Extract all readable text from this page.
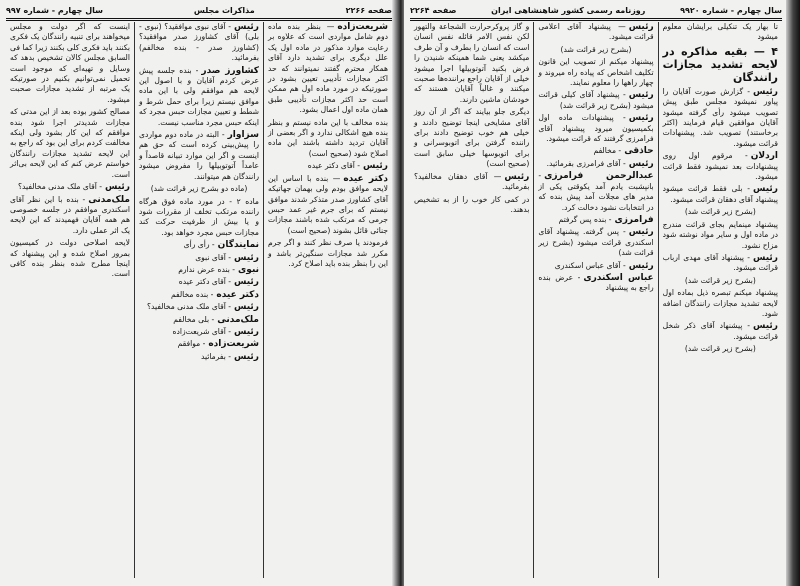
صفحه ۲۲۶۶
مذاکرات مجلس
سال چهارم - شماره ۹۹۷

شریعت‌زاده— بنظر بنده ماده دوم شامل مواردی است که علاوه بر رعایت موارد مذکور در ماده اول یک علل دیگری برای تشدید دارد آقای همکار محترم گفتند نمیتوانند که حد اکثر مجازات تأدیبی تعیین بشود در صورتیکه در مورد ماده اول هم ممکن است حد اکثر مجازات تأدیبی طبق همان ماده اول اعمال بشود.

بنده مخالف با این ماده نیستم و بنظر بنده هیچ اشکالی ندارد و اگر بعضی از آقایان تردید داشته باشند این ماده اصلاح شود (صحیح است)

رئیس- آقای دکتر عیده

دکتر عیده— بنده با اساس این لایحه موافق بودم ولی بهمان جهاتیکه آقای کشاورز صدر متذکر شدند موافق نیستم که برای جرم غیر عمد حبس جرمی که مرتکب شده باشند مجازات جنائی قائل بشوند (صحیح است)

فرمودند یا صرف نظر کنند و اگر جرم مکرر شد مجازات سنگین‌تر باشد و این را بنظر بنده باید اصلاح کرد.

رئیس- آقای نبوی موافقید؟ (نبوی - بلی) آقای کشاورز صدر موافقید؟ (کشاورز صدر - بنده مخالفم) بفرمائید.

کشاورز صدر- بنده جلسه پیش عرض کردم آقایان و با اصول این لایحه هم موافقم ولی با این ماده موافق نیستم زیرا برای حمل شرط و شطط و تعیین مجازات حبس مجرد که اینکه حبس مجرد مناسب نیست.

سزاوار- البته در ماده دوم مواردی را پیش‌بینی کرده است که حق هم اینست و اگر این موارد تبیانه قاصداً و عامداً آتوتوبیلها را مفروض میشود رانندگان هم میتوانند.

(ماده دو بشرح زیر قرائت شد)

ماده ۲ - در مورد ماده فوق هرگاه راننده مرتکب تخلف از مقررات شود و یا بیش از ظرفیت حرکت کند مجازات حبس مجرد خواهد بود.

نمایندگان- رأی رأی

رئیس- آقای نبوی

نبوی- بنده عرض ندارم

رئیس- آقای دکتر عیده

دکتر عیده- بنده مخالفم

رئیس- آقای ملک مدنی مخالفید؟

ملک‌مدنی- بلی مخالفم

رئیس- آقای شریعت‌زاده

شریعت‌زاده- موافقم

رئیس- بفرمائید

اینست که اگر دولت و مجلس میخواهند برای تنبیه رانندگان یک فکری بکنند باید فکری کلی بکنند زیرا کما فی السابق مجلس کالان تشخیص بدهد که وسایل و تهیه‌ای که موجود است تحمیل نمی‌توانیم بکنیم در صورتیکه یک مرتبه از تشدید مجازات صحبت میشود.

مصالح کشور بوده بعد از این مدتی که مجازات شدیدتر اجرا شود بنده موافقم که این کار بشود ولی اینکه مخالفت کردم برای این بود که راجع به این لایحه تشدید مجازات رانندگان خواستم عرض کنم که این لایحه بی‌اثر است.

رئیس- آقای ملک مدنی مخالفید؟

ملک‌مدنی- بنده با این نظر آقای اسکندری موافقم در جلسه خصوصی هم همه آقایان فهمیدند که این لایحه یک اثر عملی دارد.

لایحه اصلاحی دولت در کمیسیون بمرور اصلاح شده و این پیشنهاد که اینجا مطرح شده بنظر بنده کافی است.

سال چهارم - شماره ۹۹۲۰
روزنامه رسمی کشور شاهنشاهی ایران
صفحه ۲۲۶۴

تا بهار یک تنکیلی برایشان معلوم میشود

۴ — بقیه مذاکره در لایحه تشدید مجازات رانندگان

رئیس- گزارش صورت آقایان را پیاور نمیشود مجلس طبق پیش تصویب میشود رأی گرفته میشود آقایان موافقین قیام فرمایند (اکثر برخاستند) تصویب شد. پیشنهادات قرائت میشود.

اردلان- مرقوم اول روی پیشنهادات بعد نمیشود فقط قرائت میشود.

رئیس- بلی فقط قرائت میشود پیشنهاد آقای دهقان قرائت میشود.

(بشرح زیر قرائت شد)

پیشنهاد مینمایم بجای قرائت مندرج در ماده اول و سایر مواد نوشته شود مزاح نشود.

رئیس- پیشنهاد آقای مهدی ارباب قرائت میشود.

(بشرح زیر قرائت شد)

پیشنهاد میکنم تبصره ذیل بماده اول لایحه تشدید مجازات رانندگان اضافه شود.

رئیس- پیشنهاد آقای ذکر شخل قرائت میشود.

(بشرح زیر قرائت شد)

رئیس— پیشنهاد آقای اعلامی قرائت میشود.

(بشرح زیر قرائت شد)

پیشنهاد میکنم از تصویب این قانون تکلیف اشخاص که پیاده راه میروند و چهار راهها را معلوم نمایند.

رئیس- پیشنهاد آقای کیلی قرائت میشود (بشرح زیر قرائت شد)

رئیس- پیشنهادات ماده اول بکمیسیون میرود پیشنهاد آقای فرامرزی گرفتند که قرائت میشود.

حاذقی- مخالفم

رئیس- آقای فرامرزی بفرمائید.

عبدالرحمن فرامرزی- بانپشبت یادم آمد یکوقتی یکی از مدیر های مجلات آمد پیش بنده که در انتخابات نشود دخالت کرد.

فرامرزی- بنده پس گرفتم

رئیس- پس گرفته. پیشنهاد آقای اسکندری قرائت میشود (بشرح زیر قرائت شد)

رئیس- آقای عباس اسکندری

عباس اسکندری- عرض بنده راجع به پیشنهاد

و گاز پروکرحرارت الشجاعة والتهور لکن نفس الامر قائله نفس انسان است که انسان را بطرف و آن طرف میکشد یعنی شما همینکه شنیدن را فرض بکنید آتوتوبیلها اجرا میشود خیلی از آقایان راجع براننده‌ها صحبت میکنند و غالباً آقایان هستند که خودشان ماشین دارند.

دیگری جلو بیایند که اگر از آن روز آقای مشایخی اینجا توضیح دادند و خیلی هم خوب توضیح دادند برای راننده گرفتن برای اتوبوسرانی و برای اتوبوسها خیلی سابق است (صحیح است)

رئیس— آقای دهقان مخالفید؟ بفرمائید.

در کمی کار خوب را از به تشخیص بدهند.
